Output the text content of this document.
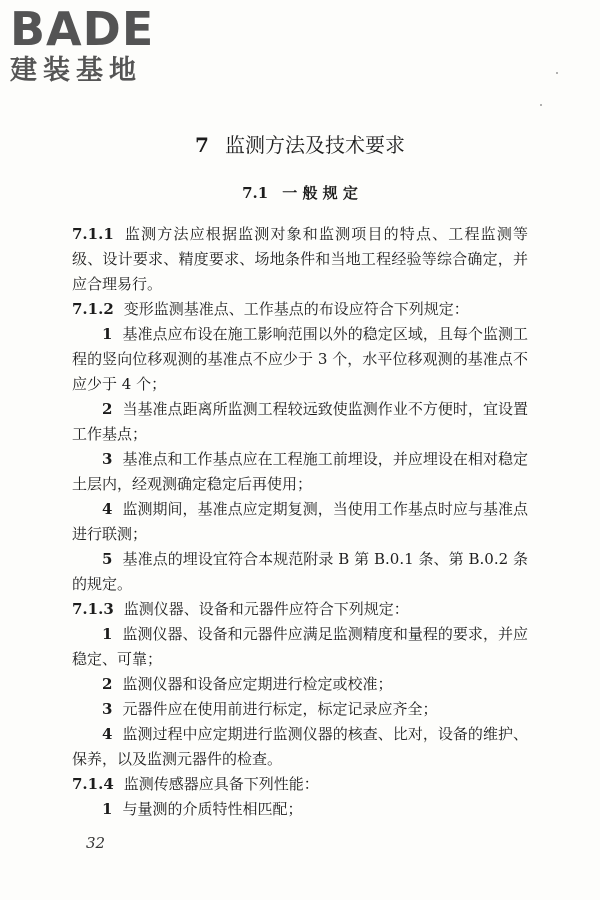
BADE

建装基地

7 监测方法及技术要求
7.1 一 般 规 定

7.1.1 监测方法应根据监测对象和监测项目的特点、工程监测等级、设计要求、精度要求、场地条件和当地工程经验等综合确定，并应合理易行。

7.1.2 变形监测基准点、工作基点的布设应符合下列规定：

1 基准点应布设在施工影响范围以外的稳定区域，且每个监测工程的竖向位移观测的基准点不应少于 3 个，水平位移观测的基准点不应少于 4 个；

2 当基准点距离所监测工程较远致使监测作业不方便时，宜设置工作基点；

3 基准点和工作基点应在工程施工前埋设，并应埋设在相对稳定土层内，经观测确定稳定后再使用；

4 监测期间，基准点应定期复测，当使用工作基点时应与基准点进行联测；

5 基准点的埋设宜符合本规范附录 B 第 B.0.1 条、第 B.0.2 条的规定。

7.1.3 监测仪器、设备和元器件应符合下列规定：

1 监测仪器、设备和元器件应满足监测精度和量程的要求，并应稳定、可靠；

2 监测仪器和设备应定期进行检定或校准；

3 元器件应在使用前进行标定，标定记录应齐全；

4 监测过程中应定期进行监测仪器的核查、比对，设备的维护、保养，以及监测元器件的检查。

7.1.4 监测传感器应具备下列性能：

1 与量测的介质特性相匹配；

32
